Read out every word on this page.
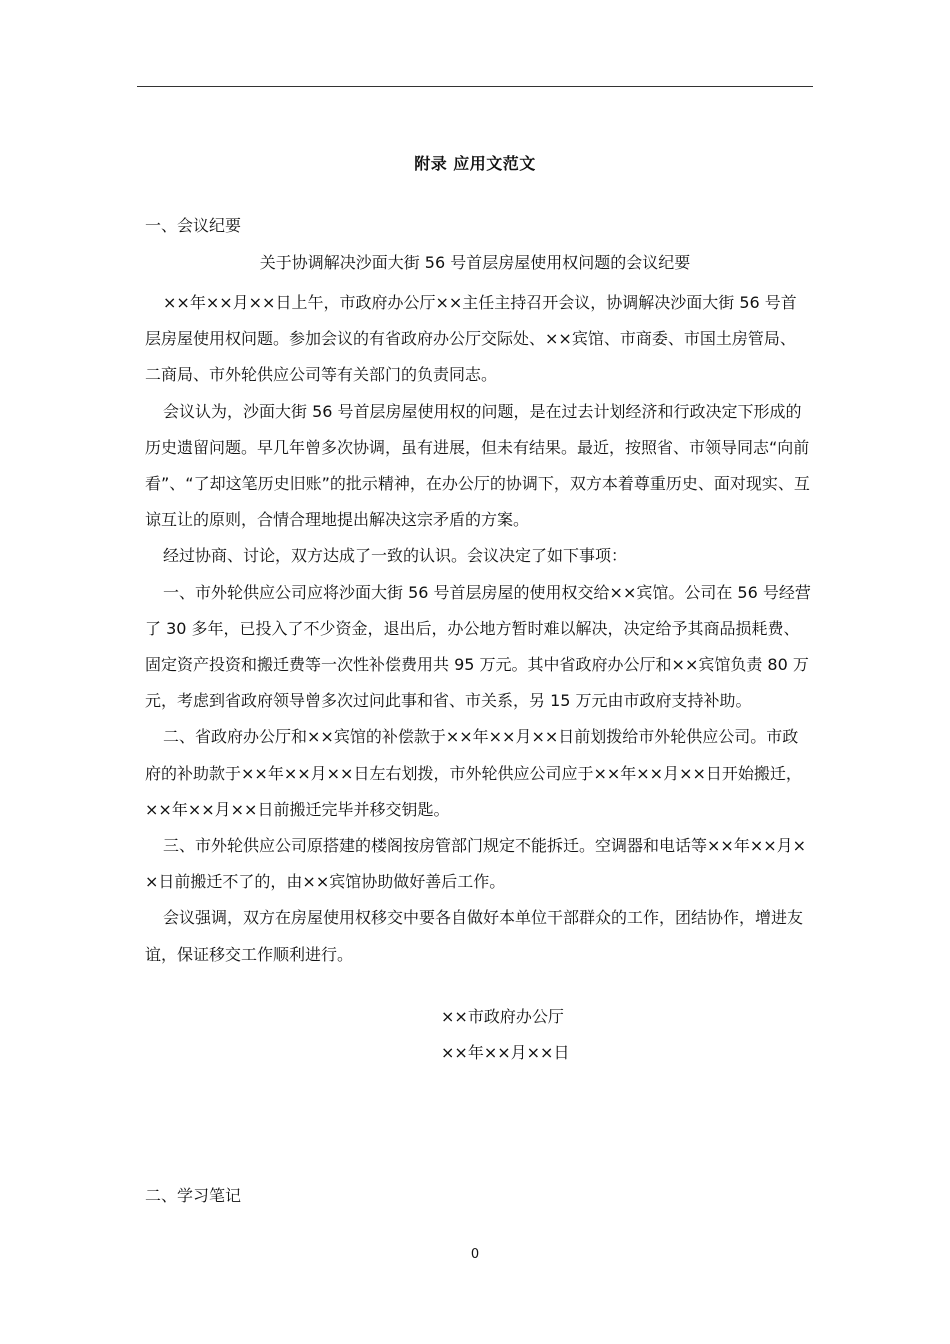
附录 应用文范文
一、会议纪要
关于协调解决沙面大街 56 号首层房屋使用权问题的会议纪要

××年××月××日上午，市政府办公厅××主任主持召开会议，协调解决沙面大街 56 号首层房屋使用权问题。参加会议的有省政府办公厅交际处、××宾馆、市商委、市国土房管局、二商局、市外轮供应公司等有关部门的负责同志。

会议认为，沙面大街 56 号首层房屋使用权的问题，是在过去计划经济和行政决定下形成的历史遗留问题。早几年曾多次协调，虽有进展，但未有结果。最近，按照省、市领导同志“向前看”、“了却这笔历史旧账”的批示精神，在办公厅的协调下，双方本着尊重历史、面对现实、互谅互让的原则，合情合理地提出解决这宗矛盾的方案。

经过协商、讨论，双方达成了一致的认识。会议决定了如下事项：

一、市外轮供应公司应将沙面大街 56 号首层房屋的使用权交给××宾馆。公司在 56 号经营了 30 多年，已投入了不少资金，退出后，办公地方暂时难以解决，决定给予其商品损耗费、固定资产投资和搬迁费等一次性补偿费用共 95 万元。其中省政府办公厅和××宾馆负责 80 万元，考虑到省政府领导曾多次过问此事和省、市关系，另 15 万元由市政府支持补助。

二、省政府办公厅和××宾馆的补偿款于××年××月××日前划拨给市外轮供应公司。市政府的补助款于××年××月××日左右划拨，市外轮供应公司应于××年××月××日开始搬迁，××年××月××日前搬迁完毕并移交钥匙。

三、市外轮供应公司原搭建的楼阁按房管部门规定不能拆迁。空调器和电话等××年××月××日前搬迁不了的，由××宾馆协助做好善后工作。

会议强调，双方在房屋使用权移交中要各自做好本单位干部群众的工作，团结协作，增进友谊，保证移交工作顺利进行。

××市政府办公厅
××年××月××日
二、学习笔记
0
